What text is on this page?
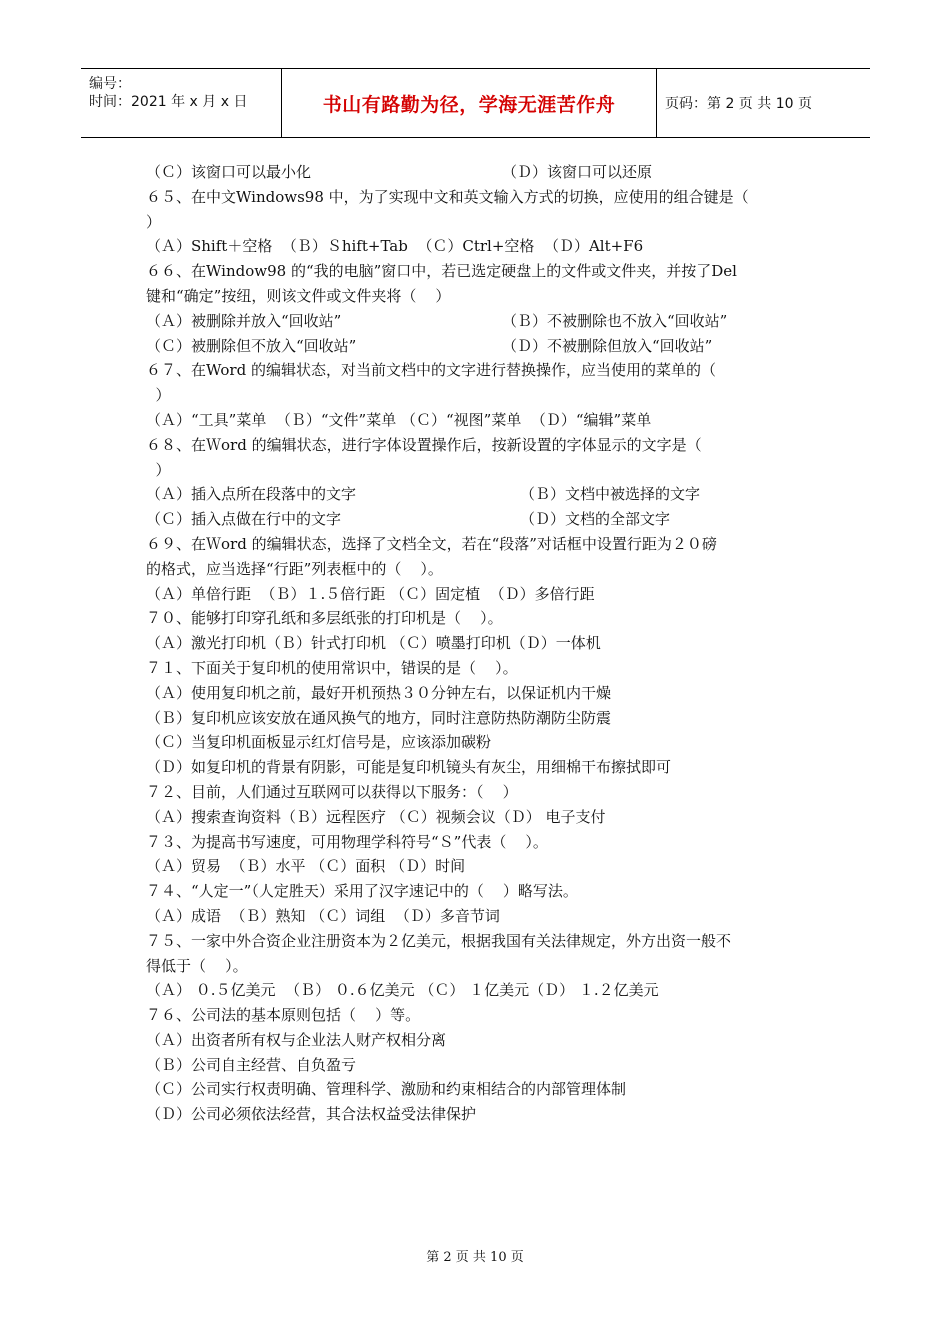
编号：
时间：2021 年 x 月 x 日	书山有路勤为径，学海无涯苦作舟	页码：第 2 页 共 10 页
（Ｃ）该窗口可以最小化	（Ｄ）该窗口可以还原
６５、在中文Windows98 中，为了实现中文和英文输入方式的切换，应使用的组合键是（
）
（Ａ）Shift＋空格  （Ｂ）Ｓhift+Tab  （Ｃ）Ctrl+空格  （Ｄ）Alt+F6
６６、在Window98 的“我的电脑”窗口中，若已选定硬盘上的文件或文件夹，并按了Del
键和“确定”按纽，则该文件或文件夹将（    ）
（Ａ）被删除并放入“回收站”	（Ｂ）不被删除也不放入“回收站”
（Ｃ）被删除但不放入“回收站”	（Ｄ）不被删除但放入“回收站”
６７、在Word 的编辑状态，对当前文档中的文字进行替换操作，应当使用的菜单的（
）
（Ａ）“工具”菜单  （Ｂ）“文件”菜单 （Ｃ）“视图”菜单  （Ｄ）“编辑”菜单
６８、在Ｗord 的编辑状态，进行字体设置操作后，按新设置的字体显示的文字是（
）
（Ａ）插入点所在段落中的文字	（Ｂ）文档中被选择的文字
（Ｃ）插入点做在行中的文字	（Ｄ）文档的全部文字
６９、在Ｗord 的编辑状态，选择了文档全文，若在“段落”对话框中设置行距为２０磅
的格式，应当选择“行距”列表框中的（    ）。
（Ａ）单倍行距  （Ｂ）１.５倍行距 （Ｃ）固定植  （Ｄ）多倍行距
７０、能够打印穿孔纸和多层纸张的打印机是（    ）。
（Ａ）激光打印机（Ｂ）针式打印机 （Ｃ）喷墨打印机（Ｄ）一体机
７１、下面关于复印机的使用常识中，错误的是（    ）。
（Ａ）使用复印机之前，最好开机预热３０分钟左右，以保证机内干燥
（Ｂ）复印机应该安放在通风换气的地方，同时注意防热防潮防尘防震
（Ｃ）当复印机面板显示红灯信号是，应该添加碳粉
（Ｄ）如复印机的背景有阴影，可能是复印机镜头有灰尘，用细棉干布擦拭即可
７２、目前，人们通过互联网可以获得以下服务：（    ）
（Ａ）搜索查询资料（Ｂ）远程医疗 （Ｃ）视频会议（Ｄ） 电子支付
７３、为提高书写速度，可用物理学科符号“Ｓ”代表（    ）。
（Ａ）贸易  （Ｂ）水平 （Ｃ）面积 （Ｄ）时间
７４、“人定一”（人定胜天）采用了汉字速记中的（    ）略写法。
（Ａ）成语  （Ｂ）熟知 （Ｃ）词组  （Ｄ）多音节词
７５、一家中外合资企业注册资本为２亿美元，根据我国有关法律规定，外方出资一般不
得低于（    ）。
（Ａ） ０.５亿美元  （Ｂ） ０.６亿美元 （Ｃ） １亿美元（Ｄ） １.２亿美元
７６、公司法的基本原则包括（    ）等。
（Ａ）出资者所有权与企业法人财产权相分离
（Ｂ）公司自主经营、自负盈亏
（Ｃ）公司实行权责明确、管理科学、激励和约束相结合的内部管理体制
（Ｄ）公司必须依法经营，其合法权益受法律保护
第 2 页 共 10 页
